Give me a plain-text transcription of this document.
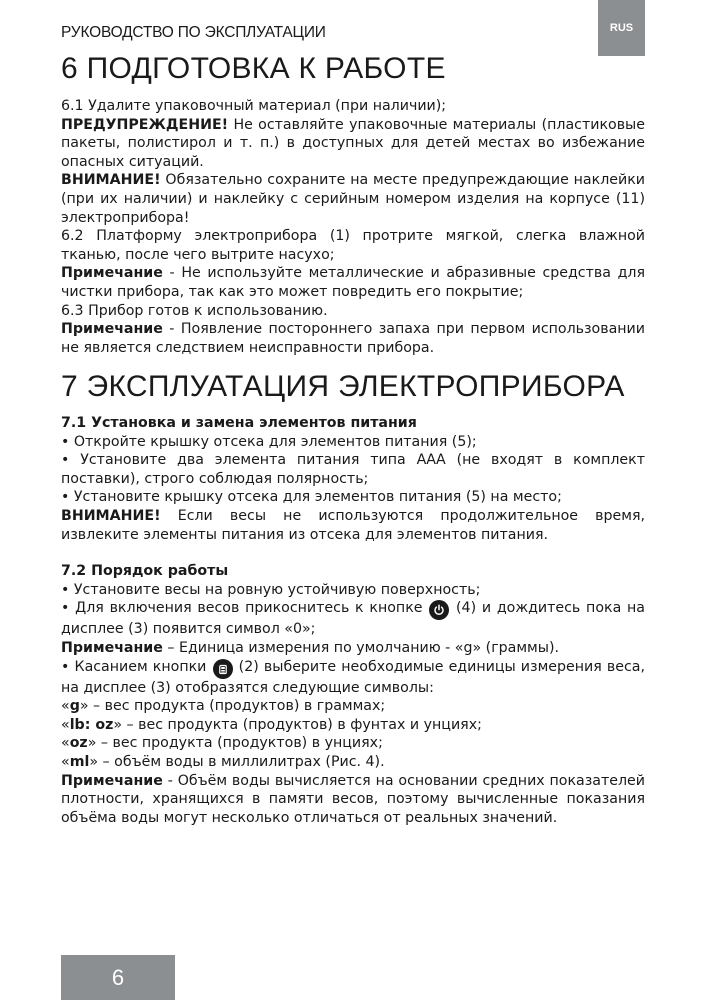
РУКОВОДСТВО ПО ЭКСПЛУАТАЦИИ	RUS
6 ПОДГОТОВКА К РАБОТЕ

6.1 Удалите упаковочный материал (при наличии);

ПРЕДУПРЕЖДЕНИЕ! Не оставляйте упаковочные материалы (пластиковые пакеты, полистирол и т. п.) в доступных для детей местах во избежание опасных ситуаций.

ВНИМАНИЕ! Обязательно сохраните на месте предупреждающие наклейки (при их наличии) и наклейку с серийным номером изделия на корпусе (11) электроприбора!

6.2 Платформу электроприбора (1) протрите мягкой, слегка влажной тканью, после чего вытрите насухо;

Примечание - Не используйте металлические и абразивные средства для чистки прибора, так как это может повредить его покрытие;

6.3 Прибор готов к использованию.

Примечание - Появление постороннего запаха при первом использовании не является следствием неисправности прибора.

7 ЭКСПЛУАТАЦИЯ ЭЛЕКТРОПРИБОРА

7.1 Установка и замена элементов питания

• Откройте крышку отсека для элементов питания (5);

• Установите два элемента питания типа ААА (не входят в комплект поставки), строго соблюдая полярность;

• Установите крышку отсека для элементов питания (5) на место;

ВНИМАНИЕ! Если весы не используются продолжительное время, извлеките элементы питания из отсека для элементов питания.

7.2 Порядок работы

• Установите весы на ровную устойчивую поверхность;

• Для включения весов прикоснитесь к кнопке
(4) и дождитесь пока на дисплее (3) появится символ «0»;

Примечание – Единица измерения по умолчанию - «g» (граммы).

• Касанием кнопки
(2) выберите необходимые единицы измерения веса, на дисплее (3) отобразятся следующие символы:

«g» – вес продукта (продуктов) в граммах;

«lb: oz» – вес продукта (продуктов) в фунтах и унциях;

«oz» – вес продукта (продуктов) в унциях;

«ml» – объём воды в миллилитрах (Рис. 4).

Примечание - Объём воды вычисляется на основании средних показателей плотности, хранящихся в памяти весов, поэтому вычисленные показания объёма воды могут несколько отличаться от реальных значений.

6
